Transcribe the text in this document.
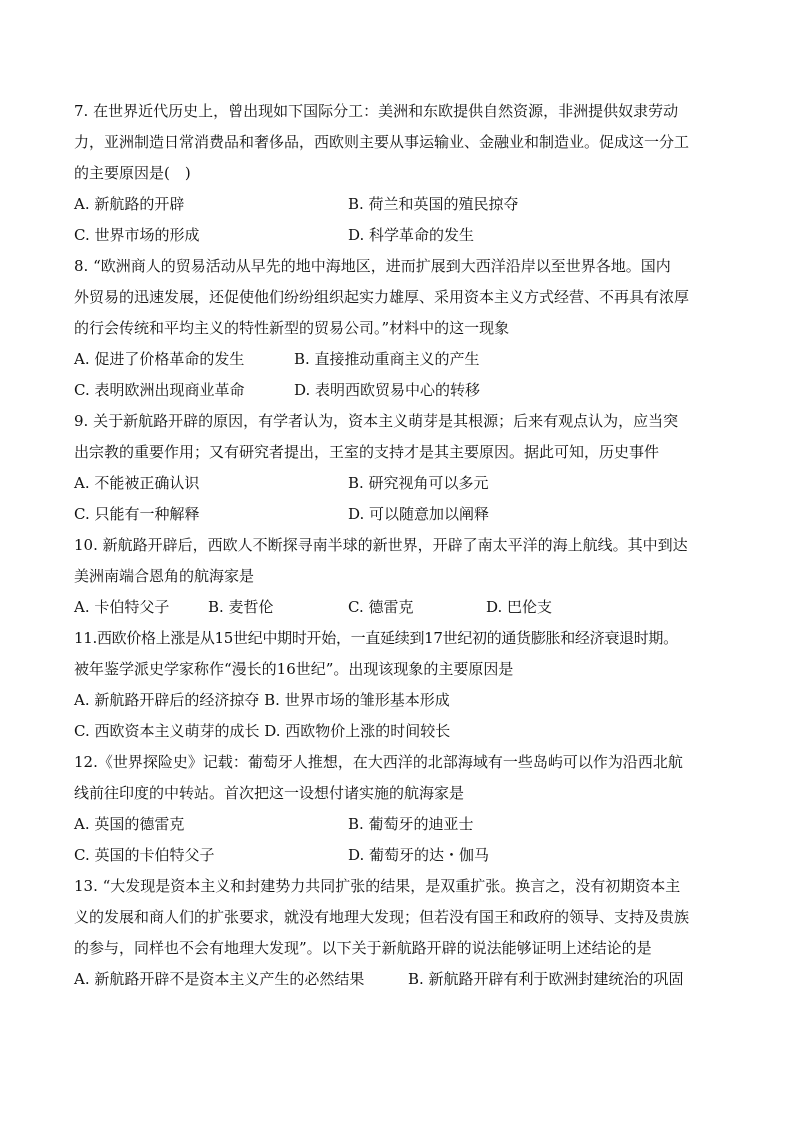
7. 在世界近代历史上，曾出现如下国际分工：美洲和东欧提供自然资源，非洲提供奴隶劳动
力，亚洲制造日常消费品和奢侈品，西欧则主要从事运输业、金融业和制造业。促成这一分工
的主要原因是(　)
A. 新航路的开辟	B. 荷兰和英国的殖民掠夺
C. 世界市场的形成	D. 科学革命的发生
8. “欧洲商人的贸易活动从早先的地中海地区，进而扩展到大西洋沿岸以至世界各地。国内
外贸易的迅速发展，还促使他们纷纷组织起实力雄厚、采用资本主义方式经营、不再具有浓厚
的行会传统和平均主义的特性新型的贸易公司。”材料中的这一现象
A. 促进了价格革命的发生	B. 直接推动重商主义的产生
C. 表明欧洲出现商业革命	D. 表明西欧贸易中心的转移
9. 关于新航路开辟的原因，有学者认为，资本主义萌芽是其根源；后来有观点认为，应当突
出宗教的重要作用；又有研究者提出，王室的支持才是其主要原因。据此可知，历史事件
A. 不能被正确认识	B. 研究视角可以多元
C. 只能有一种解释	D. 可以随意加以阐释
10. 新航路开辟后，西欧人不断探寻南半球的新世界，开辟了南太平洋的海上航线。其中到达
美洲南端合恩角的航海家是
A. 卡伯特父子	B. 麦哲伦	C. 德雷克	D. 巴伦支
11.西欧价格上涨是从15世纪中期时开始，一直延续到17世纪初的通货膨胀和经济衰退时期。
被年鉴学派史学家称作“漫长的16世纪”。出现该现象的主要原因是
A. 新航路开辟后的经济掠夺 B. 世界市场的雏形基本形成
C. 西欧资本主义萌芽的成长 D. 西欧物价上涨的时间较长
12.《世界探险史》记载：葡萄牙人推想，在大西洋的北部海域有一些岛屿可以作为沿西北航
线前往印度的中转站。首次把这一设想付诸实施的航海家是
A. 英国的德雷克	B. 葡萄牙的迪亚士
C. 英国的卡伯特父子	D. 葡萄牙的达・伽马
13. “大发现是资本主义和封建势力共同扩张的结果，是双重扩张。换言之，没有初期资本主
义的发展和商人们的扩张要求，就没有地理大发现；但若没有国王和政府的领导、支持及贵族
的参与，同样也不会有地理大发现”。以下关于新航路开辟的说法能够证明上述结论的是
A. 新航路开辟不是资本主义产生的必然结果	B. 新航路开辟有利于欧洲封建统治的巩固
